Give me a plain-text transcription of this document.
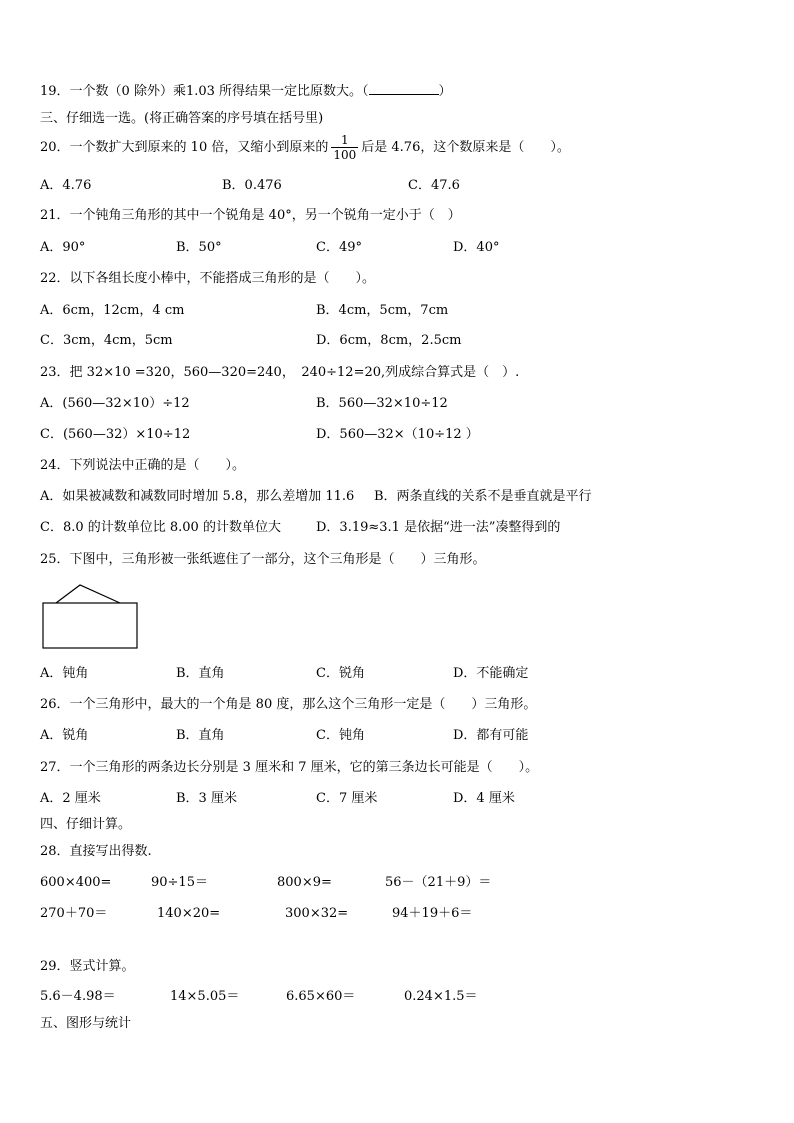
19．一个数（0 除外）乘1.03 所得结果一定比原数大。（	）
三、仔细选一选。(将正确答案的序号填在括号里)
20．一个数扩大到原来的 10 倍，又缩小到原来的 $\frac{1}{100}$ 后是 4.76，这个数原来是（　　）。
A．4.76	B．0.476	C．47.6
21．一个钝角三角形的其中一个锐角是 40°，另一个锐角一定小于（　）
A．90°	B．50°	C．49°	D．40°
22．以下各组长度小棒中，不能搭成三角形的是（　　）。
A．6cm，12cm，4 cm	B．4cm，5cm，7cm
C．3cm，4cm，5cm	D．6cm，8cm，2.5cm
23．把 32×10 =320，560—320=240，　240÷12=20,列成综合算式是（　）.
A．(560—32×10）÷12	B．560—32×10÷12
C．(560—32）×10÷12	D．560—32×（10÷12 ）
24．下列说法中正确的是（　　）。
A．如果被减数和减数同时增加 5.8，那么差增加 11.6 B．两条直线的关系不是垂直就是平行
C．8.0 的计数单位比 8.00 的计数单位大	D．3.19≈3.1 是依据“进一法”凑整得到的
25．下图中，三角形被一张纸遮住了一部分，这个三角形是（　　）三角形。
A．钝角	B．直角	C．锐角	D．不能确定
26．一个三角形中，最大的一个角是 80 度，那么这个三角形一定是（　　）三角形。
A．锐角	B．直角	C．钝角	D．都有可能
27．一个三角形的两条边长分别是 3 厘米和 7 厘米，它的第三条边长可能是（　　）。
A．2 厘米	B．3 厘米	C．7 厘米	D．4 厘米
四、仔细计算。
28．直接写出得数.
600×400=	90÷15＝	800×9=	56－（21＋9）＝
270＋70＝	140×20=	300×32=	94＋19＋6＝
29．竖式计算。
5.6－4.98＝	14×5.05＝	6.65×60＝	0.24×1.5＝
五、图形与统计
